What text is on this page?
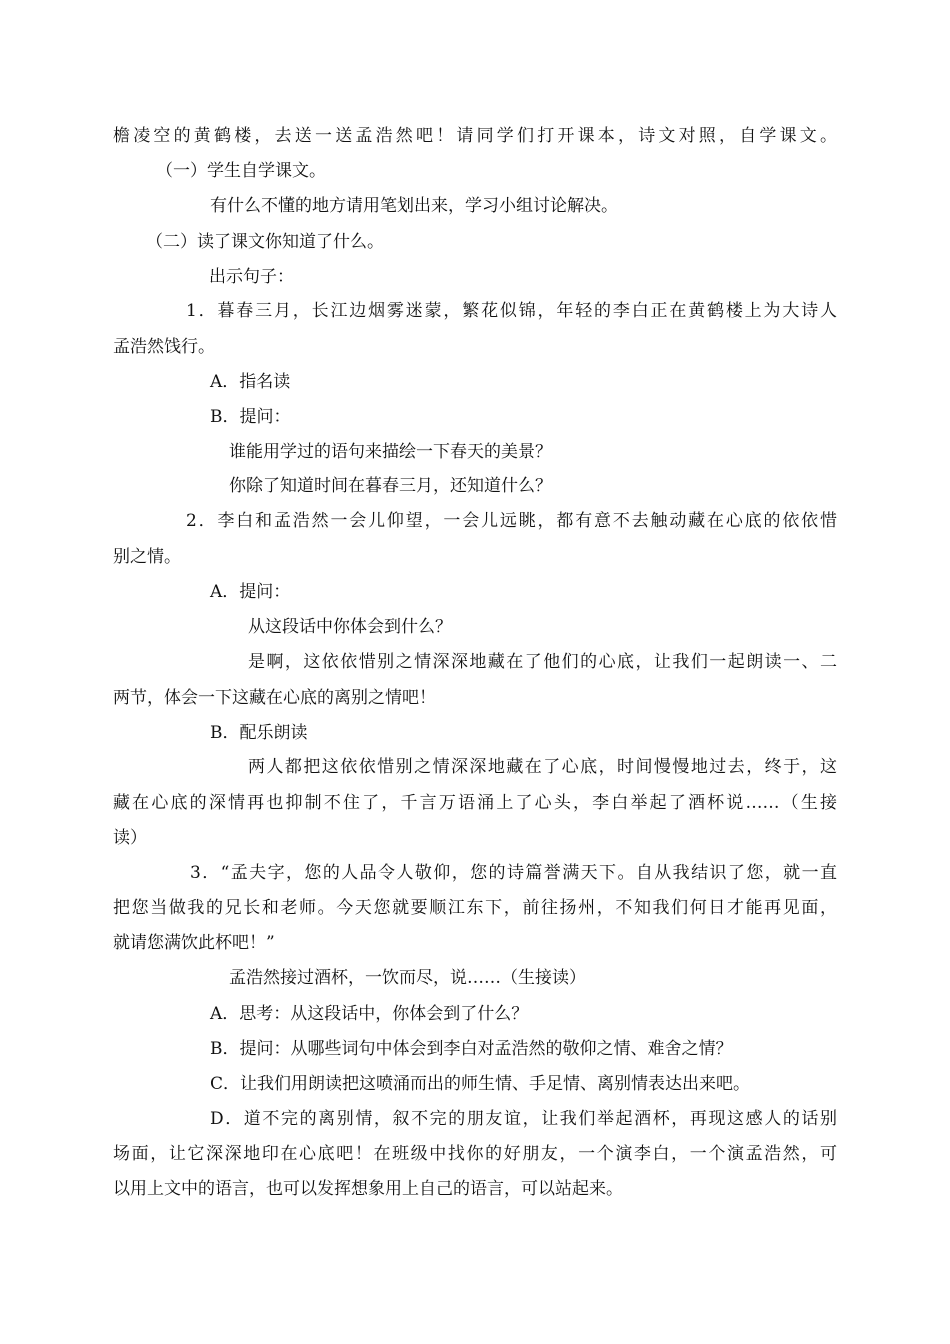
檐凌空的黄鹤楼，去送一送孟浩然吧！请同学们打开课本，诗文对照，自学课文。
（一）学生自学课文。
有什么不懂的地方请用笔划出来，学习小组讨论解决。
（二）读了课文你知道了什么。
出示句子：
1．暮春三月，长江边烟雾迷蒙，繁花似锦，年轻的李白正在黄鹤楼上为大诗人
孟浩然饯行。
A．指名读
B．提问：
谁能用学过的语句来描绘一下春天的美景？
你除了知道时间在暮春三月，还知道什么？
2．李白和孟浩然一会儿仰望，一会儿远眺，都有意不去触动藏在心底的依依惜
别之情。
A．提问：
从这段话中你体会到什么？
是啊，这依依惜别之情深深地藏在了他们的心底，让我们一起朗读一、二
两节，体会一下这藏在心底的离别之情吧！
B．配乐朗读
两人都把这依依惜别之情深深地藏在了心底，时间慢慢地过去，终于，这
藏在心底的深情再也抑制不住了，千言万语涌上了心头，李白举起了酒杯说……（生接
读）
3．“孟夫字，您的人品令人敬仰，您的诗篇誉满天下。自从我结识了您，就一直
把您当做我的兄长和老师。今天您就要顺江东下，前往扬州，不知我们何日才能再见面，
就请您满饮此杯吧！”
孟浩然接过酒杯，一饮而尽，说……（生接读）
A．思考：从这段话中，你体会到了什么？
B．提问：从哪些词句中体会到李白对孟浩然的敬仰之情、难舍之情？
C．让我们用朗读把这喷涌而出的师生情、手足情、离别情表达出来吧。
D．道不完的离别情，叙不完的朋友谊，让我们举起酒杯，再现这感人的话别
场面，让它深深地印在心底吧！在班级中找你的好朋友，一个演李白，一个演孟浩然，可
以用上文中的语言，也可以发挥想象用上自己的语言，可以站起来。
